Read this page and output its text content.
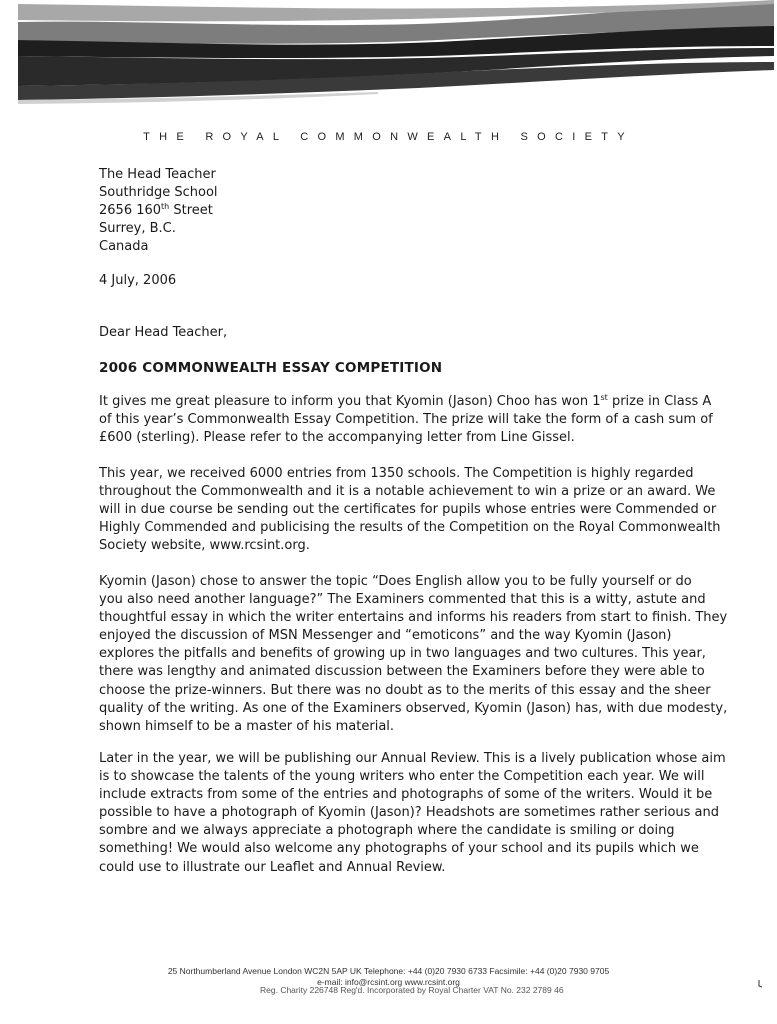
THE ROYAL COMMONWEALTH SOCIETY
The Head Teacher
Southridge School
2656 160th Street
Surrey, B.C.
Canada
4 July, 2006
Dear Head Teacher,
2006 COMMONWEALTH ESSAY COMPETITION
It gives me great pleasure to inform you that Kyomin (Jason) Choo has won 1st prize in Class A
of this year’s Commonwealth Essay Competition. The prize will take the form of a cash sum of
£600 (sterling). Please refer to the accompanying letter from Line Gissel.
This year, we received 6000 entries from 1350 schools. The Competition is highly regarded
throughout the Commonwealth and it is a notable achievement to win a prize or an award. We
will in due course be sending out the certificates for pupils whose entries were Commended or
Highly Commended and publicising the results of the Competition on the Royal Commonwealth
Society website, www.rcsint.org.
Kyomin (Jason) chose to answer the topic “Does English allow you to be fully yourself or do
you also need another language?” The Examiners commented that this is a witty, astute and
thoughtful essay in which the writer entertains and informs his readers from start to finish. They
enjoyed the discussion of MSN Messenger and “emoticons” and the way Kyomin (Jason)
explores the pitfalls and benefits of growing up in two languages and two cultures. This year,
there was lengthy and animated discussion between the Examiners before they were able to
choose the prize-winners. But there was no doubt as to the merits of this essay and the sheer
quality of the writing. As one of the Examiners observed, Kyomin (Jason) has, with due modesty,
shown himself to be a master of his material.
Later in the year, we will be publishing our Annual Review. This is a lively publication whose aim
is to showcase the talents of the young writers who enter the Competition each year. We will
include extracts from some of the entries and photographs of some of the writers. Would it be
possible to have a photograph of Kyomin (Jason)? Headshots are sometimes rather serious and
sombre and we always appreciate a photograph where the candidate is smiling or doing
something! We would also welcome any photographs of your school and its pupils which we
could use to illustrate our Leaflet and Annual Review.
25 Northumberland Avenue London WC2N 5AP UK Telephone: +44 (0)20 7930 6733 Facsimile: +44 (0)20 7930 9705
e-mail: info@rcsint.org www.rcsint.org
Reg. Charity 226748 Reg'd. Incorporated by Royal Charter VAT No. 232 2789 46
